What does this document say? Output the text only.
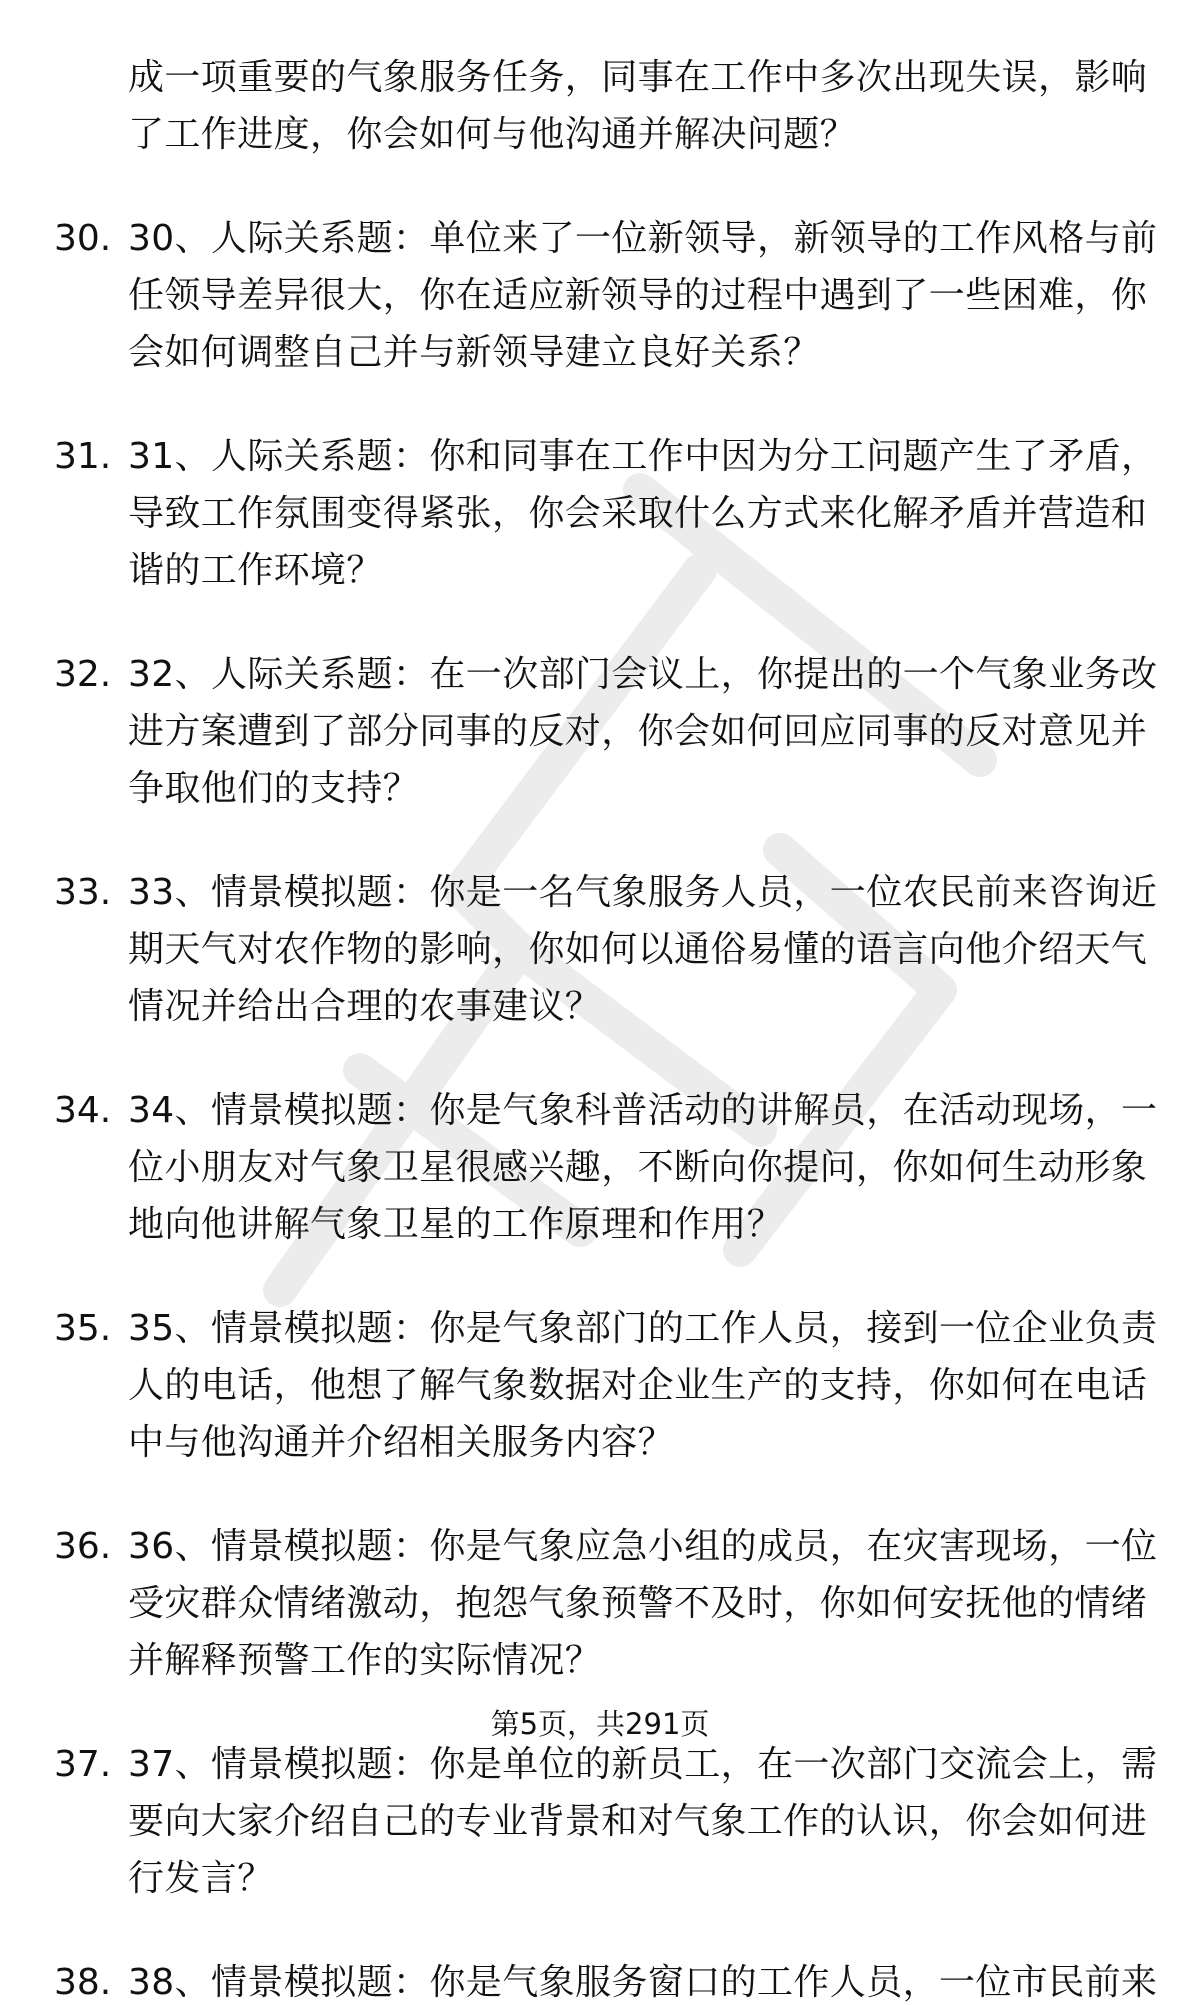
成一项重要的气象服务任务，同事在工作中多次出现失误，影响
了工作进度，你会如何与他沟通并解决问题？
30. 30、人际关系题：单位来了一位新领导，新领导的工作风格与前
任领导差异很大，你在适应新领导的过程中遇到了一些困难，你
会如何调整自己并与新领导建立良好关系？
31. 31、人际关系题：你和同事在工作中因为分工问题产生了矛盾，
导致工作氛围变得紧张，你会采取什么方式来化解矛盾并营造和
谐的工作环境？
32. 32、人际关系题：在一次部门会议上，你提出的一个气象业务改
进方案遭到了部分同事的反对，你会如何回应同事的反对意见并
争取他们的支持？
33. 33、情景模拟题：你是一名气象服务人员，一位农民前来咨询近
期天气对农作物的影响，你如何以通俗易懂的语言向他介绍天气
情况并给出合理的农事建议？
34. 34、情景模拟题：你是气象科普活动的讲解员，在活动现场，一
位小朋友对气象卫星很感兴趣，不断向你提问，你如何生动形象
地向他讲解气象卫星的工作原理和作用？
35. 35、情景模拟题：你是气象部门的工作人员，接到一位企业负责
人的电话，他想了解气象数据对企业生产的支持，你如何在电话
中与他沟通并介绍相关服务内容？
36. 36、情景模拟题：你是气象应急小组的成员，在灾害现场，一位
受灾群众情绪激动，抱怨气象预警不及时，你如何安抚他的情绪
并解释预警工作的实际情况？
37. 37、情景模拟题：你是单位的新员工，在一次部门交流会上，需
要向大家介绍自己的专业背景和对气象工作的认识，你会如何进
行发言？
38. 38、情景模拟题：你是气象服务窗口的工作人员，一位市民前来
第5页，共291页
